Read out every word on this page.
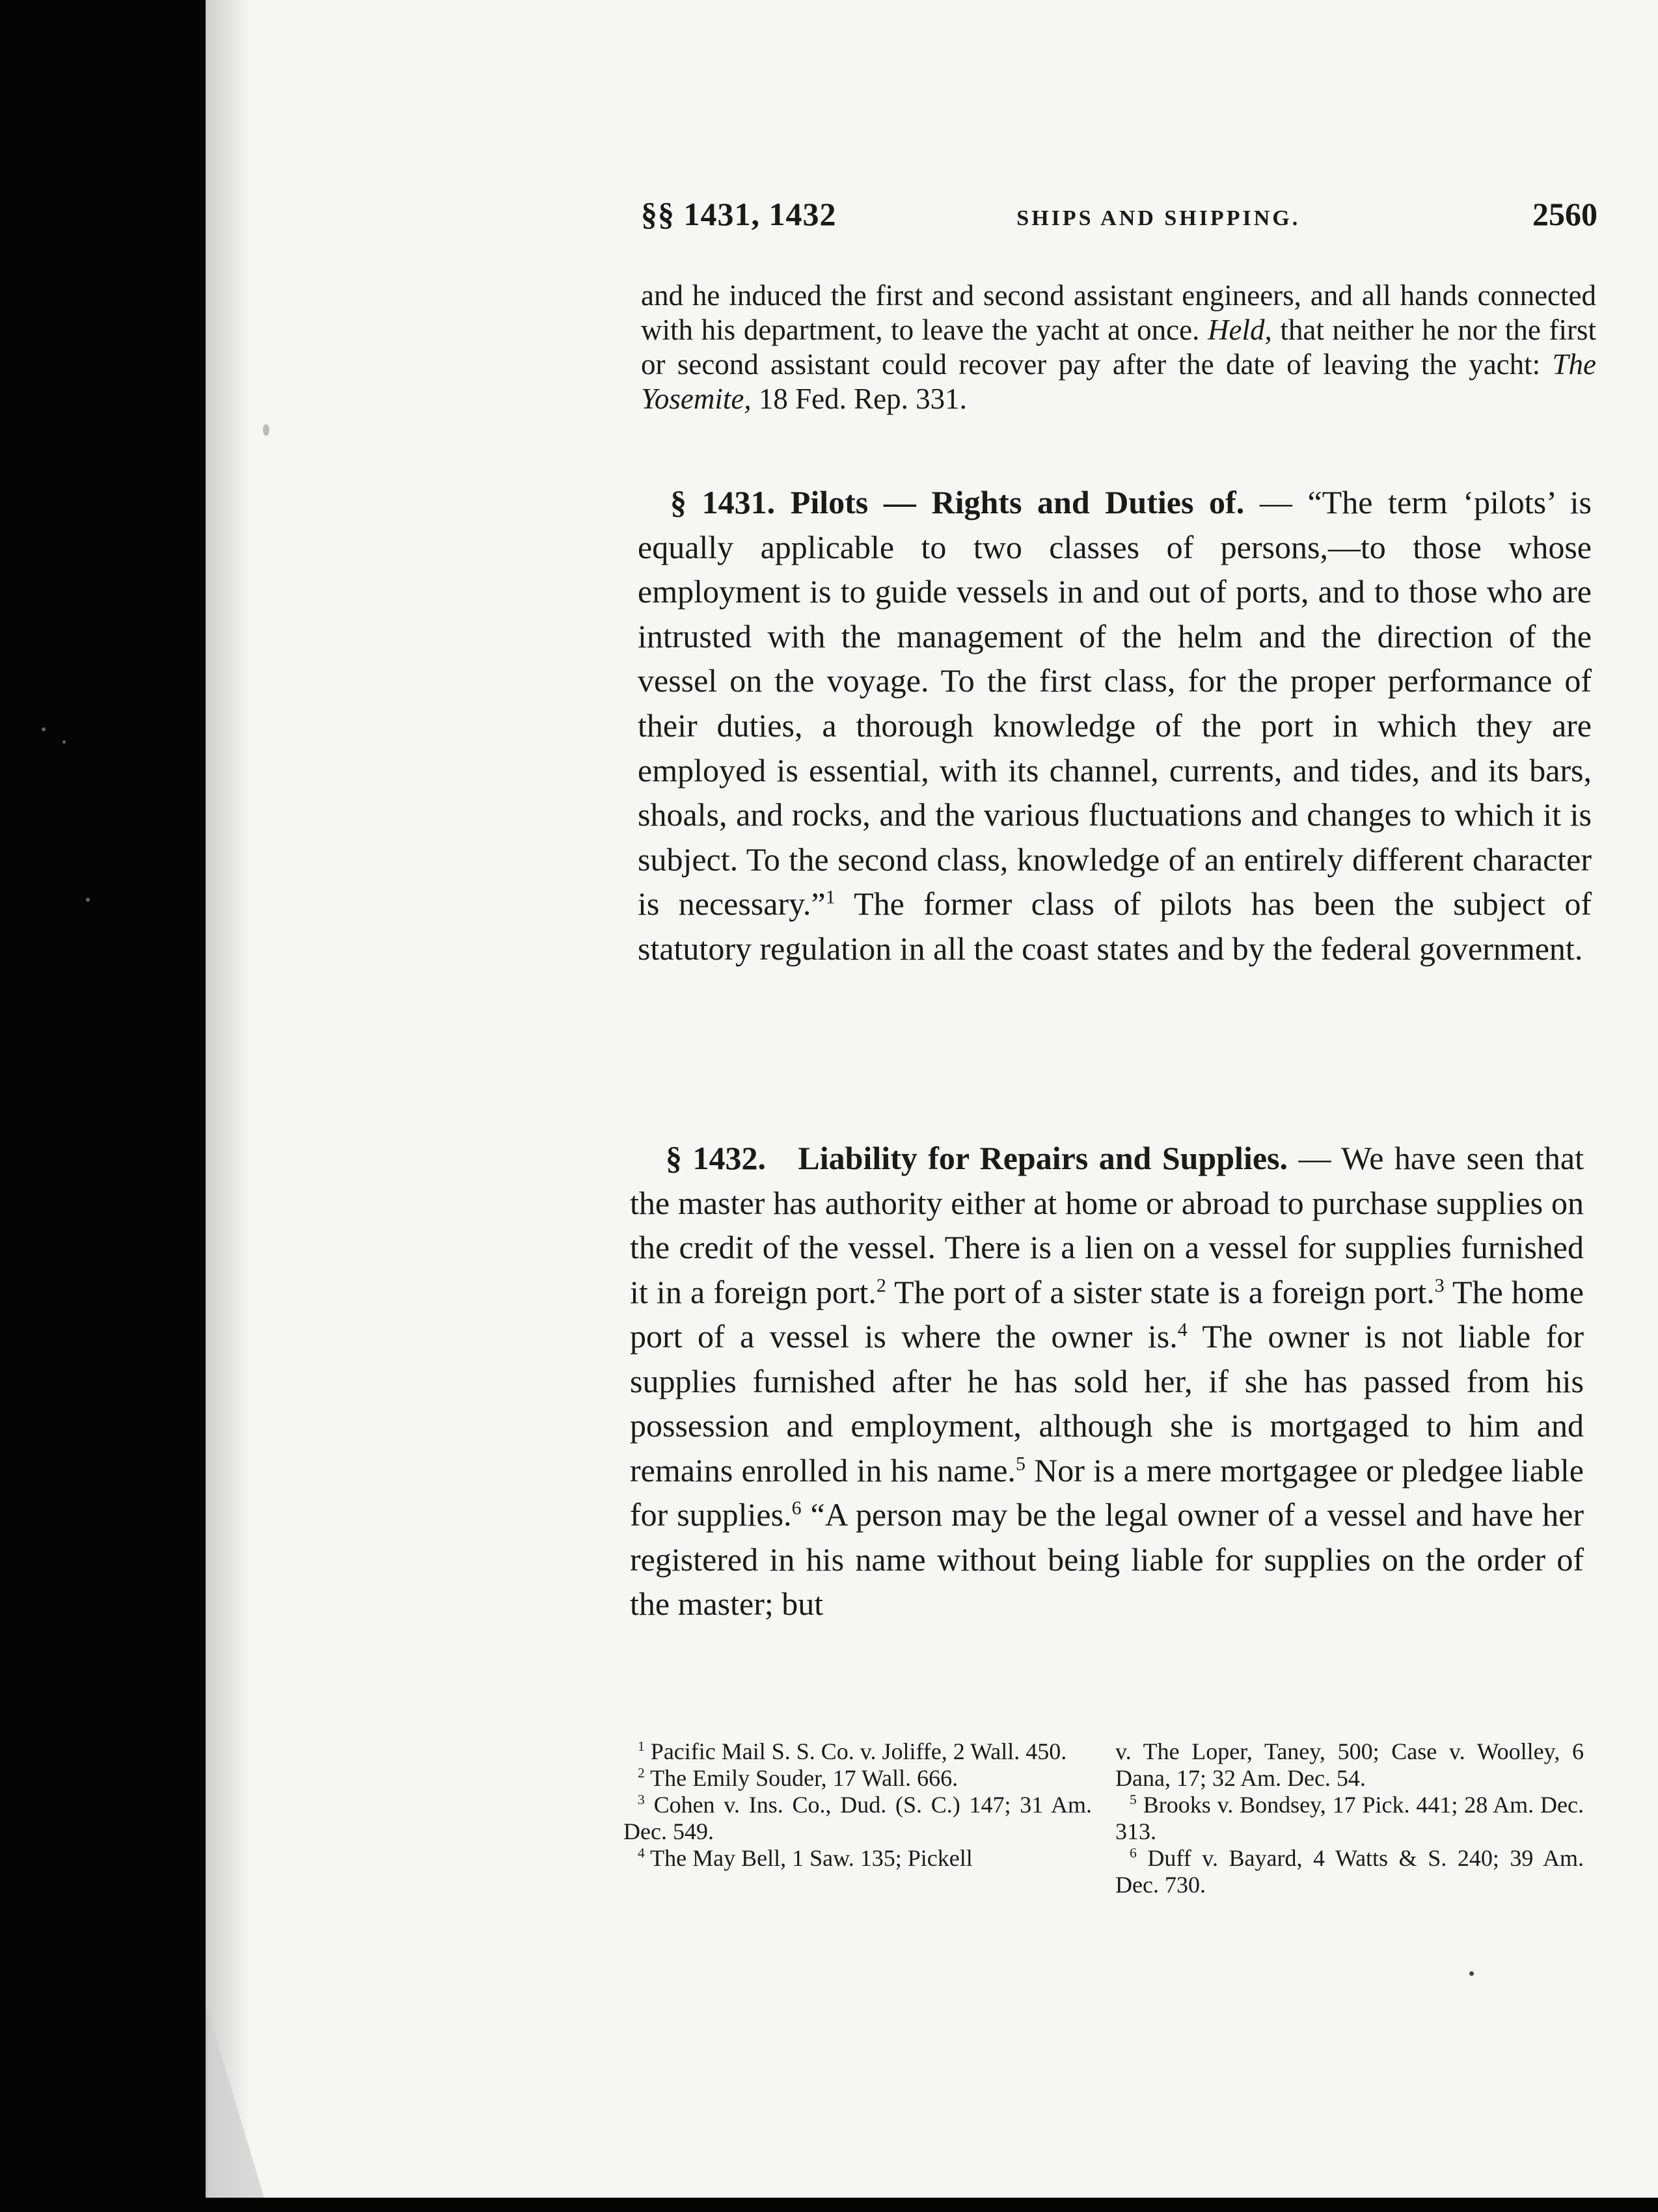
§§ 1431, 1432	SHIPS AND SHIPPING.	2560
and he induced the first and second assistant engineers, and all hands connected with his department, to leave the yacht at once. Held, that neither he nor the first or second assistant could recover pay after the date of leaving the yacht: The Yosemite, 18 Fed. Rep. 331.
§ 1431. Pilots — Rights and Duties of. — “The term ‘pilots’ is equally applicable to two classes of persons,—to those whose employment is to guide vessels in and out of ports, and to those who are intrusted with the management of the helm and the direction of the vessel on the voyage. To the first class, for the proper performance of their duties, a thorough knowledge of the port in which they are employed is essential, with its channel, currents, and tides, and its bars, shoals, and rocks, and the various fluctuations and changes to which it is subject. To the second class, knowledge of an entirely different character is necessary.”$^1$ The former class of pilots has been the subject of statutory regulation in all the coast states and by the federal government.
§ 1432. Liability for Repairs and Supplies. — We have seen that the master has authority either at home or abroad to purchase supplies on the credit of the vessel. There is a lien on a vessel for supplies furnished it in a foreign port.$^2$ The port of a sister state is a foreign port.$^3$ The home port of a vessel is where the owner is.$^4$ The owner is not liable for supplies furnished after he has sold her, if she has passed from his possession and employment, although she is mortgaged to him and remains enrolled in his name.$^5$ Nor is a mere mortgagee or pledgee liable for supplies.$^6$ “A person may be the legal owner of a vessel and have her registered in his name without being liable for supplies on the order of the master; but
$^1$ Pacific Mail S. S. Co. v. Joliffe, 2 Wall. 450.
$^2$ The Emily Souder, 17 Wall. 666.
$^3$ Cohen v. Ins. Co., Dud. (S. C.) 147; 31 Am. Dec. 549.
$^4$ The May Bell, 1 Saw. 135; Pickell
v. The Loper, Taney, 500; Case v. Woolley, 6 Dana, 17; 32 Am. Dec. 54.
$^5$ Brooks v. Bondsey, 17 Pick. 441; 28 Am. Dec. 313.
$^6$ Duff v. Bayard, 4 Watts & S. 240; 39 Am. Dec. 730.
